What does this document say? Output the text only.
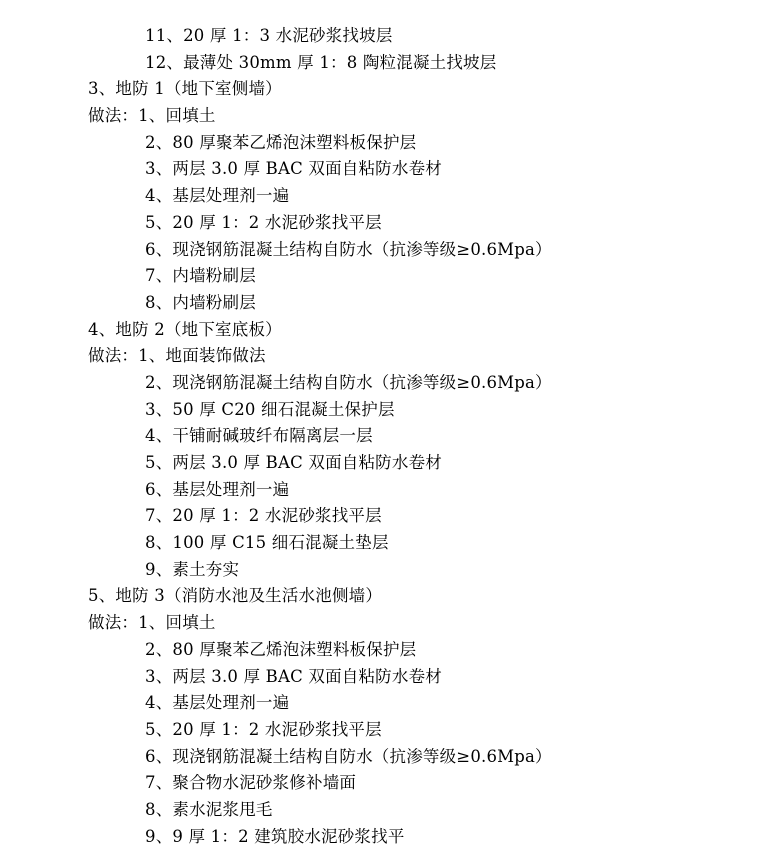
11、20 厚 1：3 水泥砂浆找坡层
12、最薄处 30mm 厚 1：8 陶粒混凝土找坡层
3、地防 1（地下室侧墙）
做法：1、回填土
2、80 厚聚苯乙烯泡沫塑料板保护层
3、两层 3.0 厚 BAC 双面自粘防水卷材
4、基层处理剂一遍
5、20 厚 1：2 水泥砂浆找平层
6、现浇钢筋混凝土结构自防水（抗渗等级≥0.6Mpa）
7、内墙粉刷层
8、内墙粉刷层
4、地防 2（地下室底板）
做法：1、地面装饰做法
2、现浇钢筋混凝土结构自防水（抗渗等级≥0.6Mpa）
3、50 厚 C20 细石混凝土保护层
4、干铺耐碱玻纤布隔离层一层
5、两层 3.0 厚 BAC 双面自粘防水卷材
6、基层处理剂一遍
7、20 厚 1：2 水泥砂浆找平层
8、100 厚 C15 细石混凝土垫层
9、素土夯实
5、地防 3（消防水池及生活水池侧墙）
做法：1、回填土
2、80 厚聚苯乙烯泡沫塑料板保护层
3、两层 3.0 厚 BAC 双面自粘防水卷材
4、基层处理剂一遍
5、20 厚 1：2 水泥砂浆找平层
6、现浇钢筋混凝土结构自防水（抗渗等级≥0.6Mpa）
7、聚合物水泥砂浆修补墙面
8、素水泥浆甩毛
9、9 厚 1：2 建筑胶水泥砂浆找平
